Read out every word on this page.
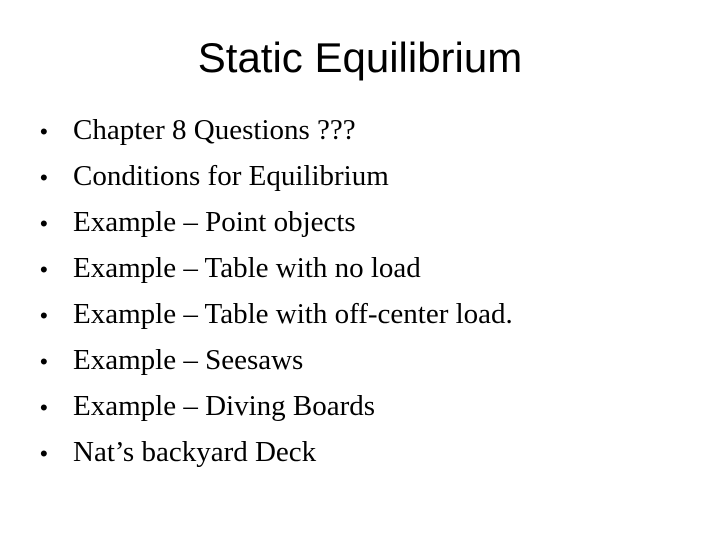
Static Equilibrium
• Chapter 8 Questions ???
• Conditions for Equilibrium
• Example – Point objects
• Example – Table with no load
• Example – Table with off-center load.
• Example – Seesaws
• Example – Diving Boards
• Nat’s backyard Deck
